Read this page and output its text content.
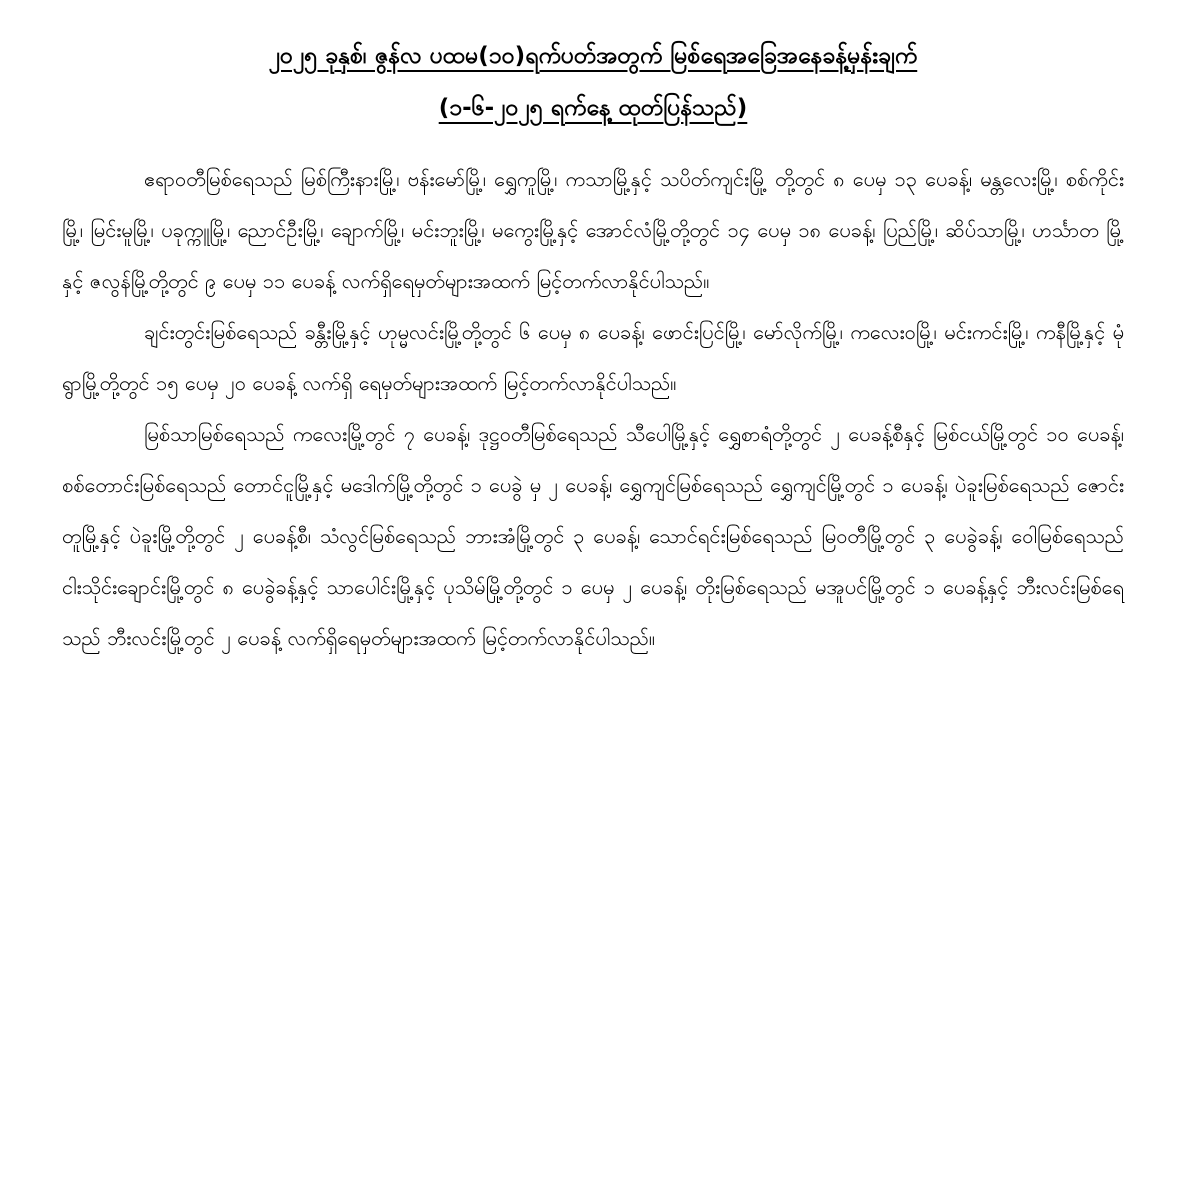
၂၀၂၅ ခုနှစ်၊ ဇွန်လ ပထမ(၁၀)ရက်ပတ်အတွက် မြစ်ရေအခြေအနေခန့်မှန်းချက်
(၁-၆-၂၀၂၅ ရက်နေ့ ထုတ်ပြန်သည်)

ဧရာဝတီမြစ်ရေသည် မြစ်ကြီးနားမြို့၊ ဗန်းမော်မြို့၊ ရွှေကူမြို့၊ ကသာမြို့နှင့် သပိတ်ကျင်းမြို့ တို့တွင် ၈ ပေမှ ၁၃ ပေခန့်၊ မန္တလေးမြို့၊ စစ်ကိုင်းမြို့၊ မြင်းမူမြို့၊ ပခုက္ကူမြို့၊ ညောင်ဦးမြို့၊ ချောက်မြို့၊ မင်းဘူးမြို့၊ မကွေးမြို့နှင့် အောင်လံမြို့တို့တွင် ၁၄ ပေမှ ၁၈ ပေခန့်၊ ပြည်မြို့၊ ဆိပ်သာမြို့၊ ဟင်္သာတ မြို့နှင့် ဇလွန်မြို့တို့တွင် ၉ ပေမှ ၁၁ ပေခန့် လက်ရှိရေမှတ်များအထက် မြင့်တက်လာနိုင်ပါသည်။

ချင်းတွင်းမြစ်ရေသည် ခန္တီးမြို့နှင့် ဟုမ္မလင်းမြို့တို့တွင် ၆ ပေမှ ၈ ပေခန့်၊ ဖောင်းပြင်မြို့၊ မော်လိုက်မြို့၊ ကလေးဝမြို့၊ မင်းကင်းမြို့၊ ကနီမြို့နှင့် မုံရွာမြို့တို့တွင် ၁၅ ပေမှ ၂၀ ပေခန့် လက်ရှိ ရေမှတ်များအထက် မြင့်တက်လာနိုင်ပါသည်။

မြစ်သာမြစ်ရေသည် ကလေးမြို့တွင် ၇ ပေခန့်၊ ဒုဋ္ဌဝတီမြစ်ရေသည် သီပေါမြို့နှင့် ရွှေစာရံတို့တွင် ၂ ပေခန့်စီနှင့် မြစ်ငယ်မြို့တွင် ၁၀ ပေခန့်၊ စစ်တောင်းမြစ်ရေသည် တောင်ငူမြို့နှင့် မဒေါက်မြို့တို့တွင် ၁ ပေခွဲ မှ ၂ ပေခန့်၊ ရွှေကျင်မြစ်ရေသည် ရွှေကျင်မြို့တွင် ၁ ပေခန့်၊ ပဲခူးမြစ်ရေသည် ဇောင်းတူမြို့နှင့် ပဲခူးမြို့တို့တွင် ၂ ပေခန့်စီ၊ သံလွင်မြစ်ရေသည် ဘားအံမြို့တွင် ၃ ပေခန့်၊ သောင်ရင်းမြစ်ရေသည် မြဝတီမြို့တွင် ၃ ပေခွဲခန့်၊ ဝေါမြစ်ရေသည် ငါးသိုင်းချောင်းမြို့တွင် ၈ ပေခွဲခန့်နှင့် သာပေါင်းမြို့နှင့် ပုသိမ်မြို့တို့တွင် ၁ ပေမှ ၂ ပေခန့်၊ တိုးမြစ်ရေသည် မအူပင်မြို့တွင် ၁ ပေခန့်နှင့် ဘီးလင်းမြစ်ရေသည် ဘီးလင်းမြို့တွင် ၂ ပေခန့် လက်ရှိရေမှတ်များအထက် မြင့်တက်လာနိုင်ပါသည်။
